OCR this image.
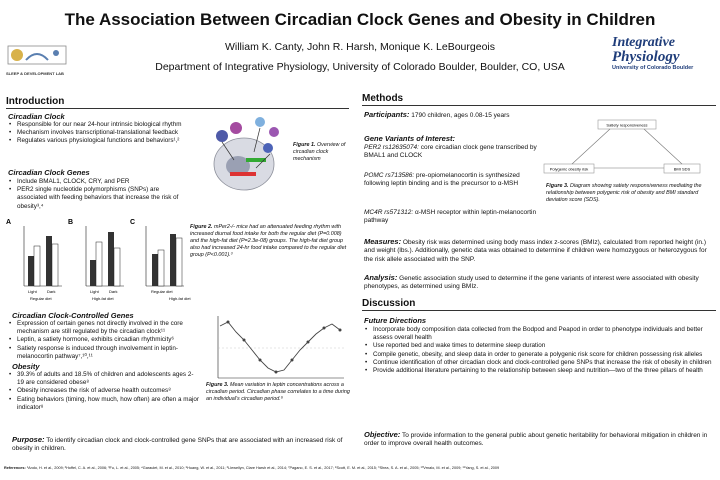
The Association Between Circadian Clock Genes and Obesity in Children
William K. Canty, John R. Harsh, Monique K. LeBourgeois
Department of Integrative Physiology, University of Colorado Boulder, Boulder, CO, USA
SLEEP & DEVELOPMENT LAB
Integrative
Physiology
University of Colorado Boulder
Introduction
Circadian Clock
• Responsible for our near 24-hour intrinsic biological rhythm
• Mechanism involves transcriptional-translational feedback
• Regulates various physiological functions and behaviors¹,²
Circadian Clock Genes
• Include BMAL1, CLOCK, CRY, and PER
• PER2 single nucleotide polymorphisms (SNPs) are associated with feeding behaviors that increase the risk of obesity³,⁴
Figure 1. Overview of circadian clock mechanism
A	B	C
Light	Dark
Regular diet
Light	Dark
High-fat diet
Regular diet
High-fat diet
Figure 2. mPer2-/- mice had an attenuated feeding rhythm with increased diurnal food intake for both the regular diet (P=0.008) and the high-fat diet (P=2.3e-08) groups. The high-fat diet group also had increased 24-hr food intake compared to the regular diet group (P<0.001).³
Circadian Clock-Controlled Genes
• Expression of certain genes not directly involved in the core mechanism are still regulated by the circadian clock¹¹
• Leptin, a satiety hormone, exhibits circadian rhythmicity⁶
• Satiety response is induced through involvement in leptin-melanocortin pathway⁷,¹⁰,¹¹
Obesity
• 39.3% of adults and 18.5% of children and adolescents ages 2-19 are considered obese⁸
• Obesity increases the risk of adverse health outcomes⁸
• Eating behaviors (timing, how much, how often) are often a major indicator⁸
Figure 3. Mean variation in leptin concentrations across a circadian period. Circadian phase correlates to a time during an individual's circadian period.⁶
Purpose: To identify circadian clock and clock-controlled gene SNPs that are associated with an increased risk of obesity in children.
Methods
Participants: 1790 children, ages 0.08-15 years
Gene Variants of Interest:
PER2 rs12635074: core circadian clock gene transcribed by BMAL1 and CLOCK
POMC rs713586: pre-opiomelanocortin is synthesized following leptin binding and is the precursor to α-MSH
MC4R rs571312: α-MSH receptor within leptin-melanocortin pathway
Satiety responsiveness
Polygenic obesity risk	BMI SDS
Figure 3. Diagram showing satiety responsiveness mediating the relationship between polygenic risk of obesity and BMI standard deviation score (SDS).
Measures: Obesity risk was determined using body mass index z-scores (BMIz), calculated from reported height (in.) and weight (lbs.). Additionally, genetic data was obtained to determine if children were homozygous or heterozygous for the risk allele associated with the SNP.
Analysis: Genetic association study used to determine if the gene variants of interest were associated with obesity phenotypes, as determined using BMIz.
Discussion
Future Directions
• Incorporate body composition data collected from the Bodpod and Peapod in order to phenotype individuals and better assess overall health
• Use reported bed and wake times to determine sleep duration
• Compile genetic, obesity, and sleep data in order to generate a polygenic risk score for children possessing risk alleles
• Continue identification of other circadian clock and clock-controlled gene SNPs that increase the risk of obesity in children
• Provide additional literature pertaining to the relationship between sleep and nutrition—two of the three pillars of health
Objective: To provide information to the general public about genetic heritability for behavioral mitigation in children in order to improve overall health outcomes.
References: ¹Ando, H. et al., 2009; ²Hoffel, C. A. et al., 2006; ³Fu, L. et al., 2005; ⁴Garaulet, M. et al., 2010; ⁵Huang, W. et al., 2011; ⁶Llewellyn, Clare Harsh et al., 2014; ⁷Pagano, E. S. et al., 2017; ⁸Scott, E. M. et al., 2015; ⁹Shea, S. A. et al., 2005; ¹⁰Vrnalo, M. et al., 2009; ¹¹Yang, S. et al., 2009
